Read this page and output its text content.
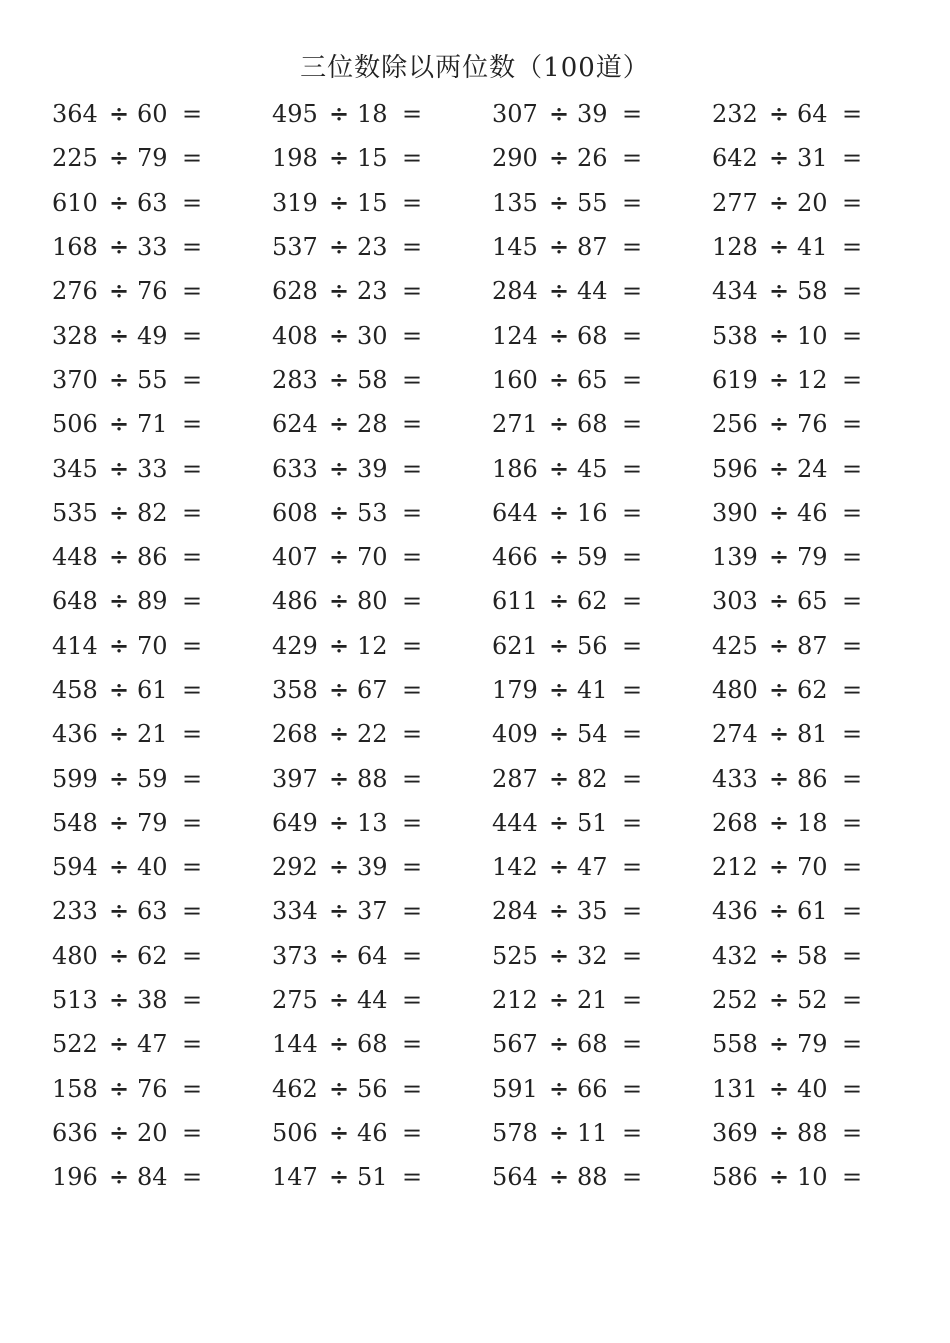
三位数除以两位数（100道）
364 ÷ 60 =	495 ÷ 18 =	307 ÷ 39 =	232 ÷ 64 =
225 ÷ 79 =	198 ÷ 15 =	290 ÷ 26 =	642 ÷ 31 =
610 ÷ 63 =	319 ÷ 15 =	135 ÷ 55 =	277 ÷ 20 =
168 ÷ 33 =	537 ÷ 23 =	145 ÷ 87 =	128 ÷ 41 =
276 ÷ 76 =	628 ÷ 23 =	284 ÷ 44 =	434 ÷ 58 =
328 ÷ 49 =	408 ÷ 30 =	124 ÷ 68 =	538 ÷ 10 =
370 ÷ 55 =	283 ÷ 58 =	160 ÷ 65 =	619 ÷ 12 =
506 ÷ 71 =	624 ÷ 28 =	271 ÷ 68 =	256 ÷ 76 =
345 ÷ 33 =	633 ÷ 39 =	186 ÷ 45 =	596 ÷ 24 =
535 ÷ 82 =	608 ÷ 53 =	644 ÷ 16 =	390 ÷ 46 =
448 ÷ 86 =	407 ÷ 70 =	466 ÷ 59 =	139 ÷ 79 =
648 ÷ 89 =	486 ÷ 80 =	611 ÷ 62 =	303 ÷ 65 =
414 ÷ 70 =	429 ÷ 12 =	621 ÷ 56 =	425 ÷ 87 =
458 ÷ 61 =	358 ÷ 67 =	179 ÷ 41 =	480 ÷ 62 =
436 ÷ 21 =	268 ÷ 22 =	409 ÷ 54 =	274 ÷ 81 =
599 ÷ 59 =	397 ÷ 88 =	287 ÷ 82 =	433 ÷ 86 =
548 ÷ 79 =	649 ÷ 13 =	444 ÷ 51 =	268 ÷ 18 =
594 ÷ 40 =	292 ÷ 39 =	142 ÷ 47 =	212 ÷ 70 =
233 ÷ 63 =	334 ÷ 37 =	284 ÷ 35 =	436 ÷ 61 =
480 ÷ 62 =	373 ÷ 64 =	525 ÷ 32 =	432 ÷ 58 =
513 ÷ 38 =	275 ÷ 44 =	212 ÷ 21 =	252 ÷ 52 =
522 ÷ 47 =	144 ÷ 68 =	567 ÷ 68 =	558 ÷ 79 =
158 ÷ 76 =	462 ÷ 56 =	591 ÷ 66 =	131 ÷ 40 =
636 ÷ 20 =	506 ÷ 46 =	578 ÷ 11 =	369 ÷ 88 =
196 ÷ 84 =	147 ÷ 51 =	564 ÷ 88 =	586 ÷ 10 =
